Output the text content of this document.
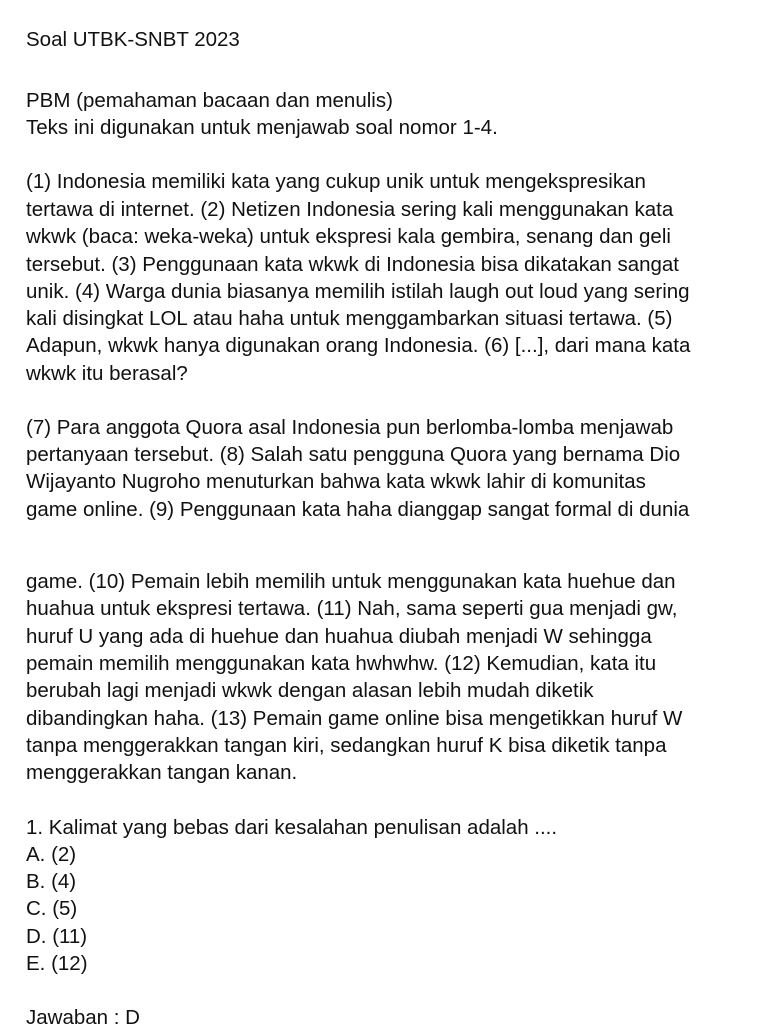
Soal UTBK-SNBT 2023
PBM (pemahaman bacaan dan menulis)
Teks ini digunakan untuk menjawab soal nomor 1-4.
(1) Indonesia memiliki kata yang cukup unik untuk mengekspresikan
tertawa di internet. (2) Netizen Indonesia sering kali menggunakan kata
wkwk (baca: weka-weka) untuk ekspresi kala gembira, senang dan geli
tersebut. (3) Penggunaan kata wkwk di Indonesia bisa dikatakan sangat
unik. (4) Warga dunia biasanya memilih istilah laugh out loud yang sering
kali disingkat LOL atau haha untuk menggambarkan situasi tertawa. (5)
Adapun, wkwk hanya digunakan orang Indonesia. (6) [...], dari mana kata
wkwk itu berasal?
(7) Para anggota Quora asal Indonesia pun berlomba-lomba menjawab
pertanyaan tersebut. (8) Salah satu pengguna Quora yang bernama Dio
Wijayanto Nugroho menuturkan bahwa kata wkwk lahir di komunitas
game online. (9) Penggunaan kata haha dianggap sangat formal di dunia
game. (10) Pemain lebih memilih untuk menggunakan kata huehue dan
huahua untuk ekspresi tertawa. (11) Nah, sama seperti gua menjadi gw,
huruf U yang ada di huehue dan huahua diubah menjadi W sehingga
pemain memilih menggunakan kata hwhwhw. (12) Kemudian, kata itu
berubah lagi menjadi wkwk dengan alasan lebih mudah diketik
dibandingkan haha. (13) Pemain game online bisa mengetikkan huruf W
tanpa menggerakkan tangan kiri, sedangkan huruf K bisa diketik tanpa
menggerakkan tangan kanan.
1. Kalimat yang bebas dari kesalahan penulisan adalah ....
A. (2)
B. (4)
C. (5)
D. (11)
E. (12)
Jawaban : D
